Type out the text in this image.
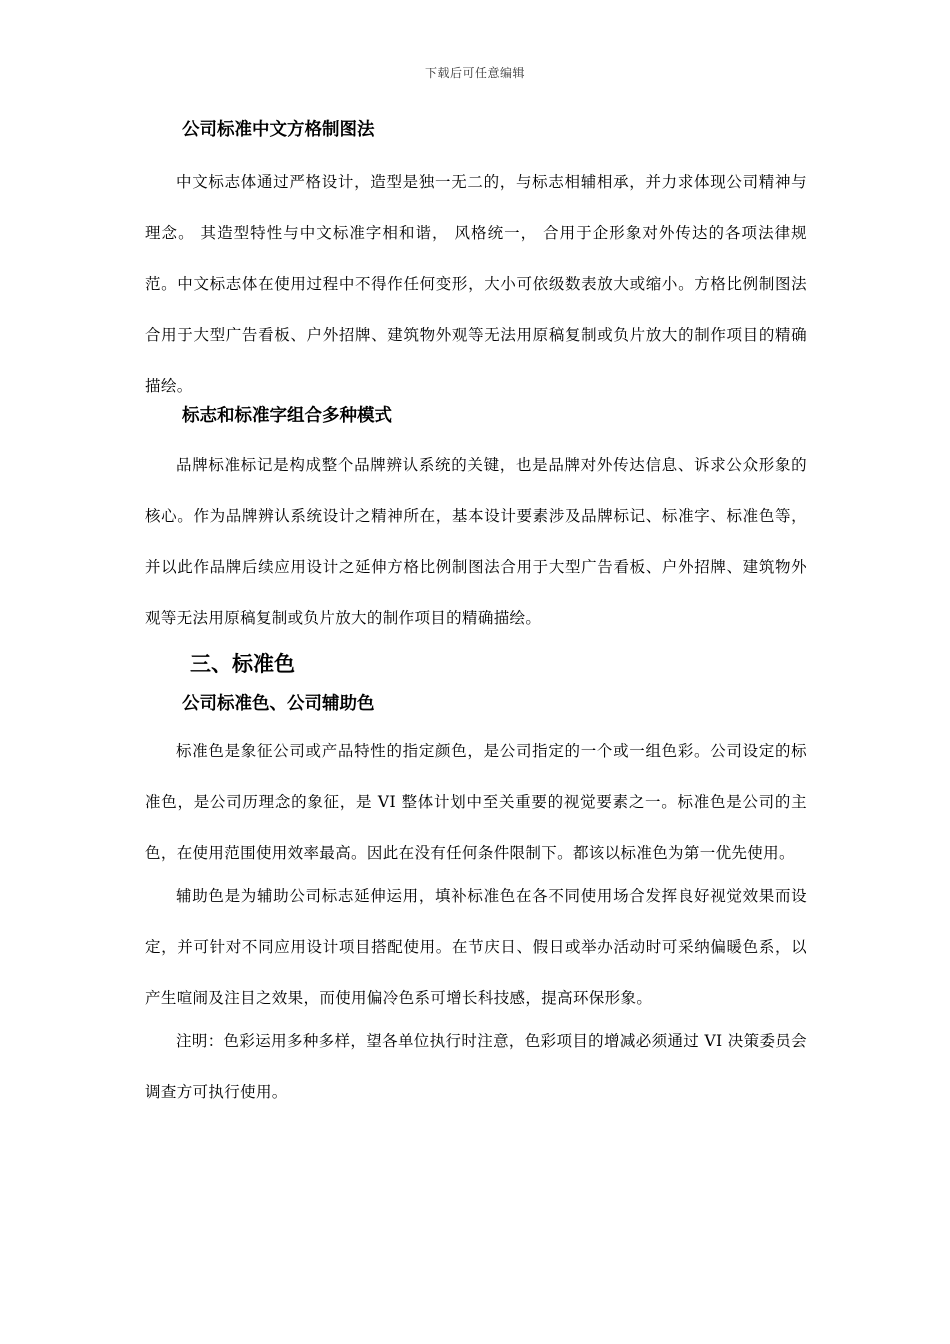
下载后可任意编辑

公司标准中文方格制图法

中文标志体通过严格设计，造型是独一无二的，与标志相辅相承，并力求体现公司精神与理念。 其造型特性与中文标准字相和谐， 风格统一， 合用于企形象对外传达的各项法律规范。中文标志体在使用过程中不得作任何变形，大小可依级数表放大或缩小。方格比例制图法合用于大型广告看板、户外招牌、建筑物外观等无法用原稿复制或负片放大的制作项目的精确描绘。

标志和标准字组合多种模式

品牌标准标记是构成整个品牌辨认系统的关键，也是品牌对外传达信息、诉求公众形象的核心。作为品牌辨认系统设计之精神所在，基本设计要素涉及品牌标记、标准字、标准色等，并以此作品牌后续应用设计之延伸方格比例制图法合用于大型广告看板、户外招牌、建筑物外观等无法用原稿复制或负片放大的制作项目的精确描绘。

三、标准色

公司标准色、公司辅助色

标准色是象征公司或产品特性的指定颜色，是公司指定的一个或一组色彩。公司设定的标准色，是公司历理念的象征，是 VI 整体计划中至关重要的视觉要素之一。标准色是公司的主色，在使用范围使用效率最高。因此在没有任何条件限制下。都该以标准色为第一优先使用。

辅助色是为辅助公司标志延伸运用，填补标准色在各不同使用场合发挥良好视觉效果而设定，并可针对不同应用设计项目搭配使用。在节庆日、假日或举办活动时可采纳偏暖色系，以产生喧闹及注目之效果，而使用偏冷色系可增长科技感，提高环保形象。

注明：色彩运用多种多样，望各单位执行时注意，色彩项目的增减必须通过 VI 决策委员会调查方可执行使用。
